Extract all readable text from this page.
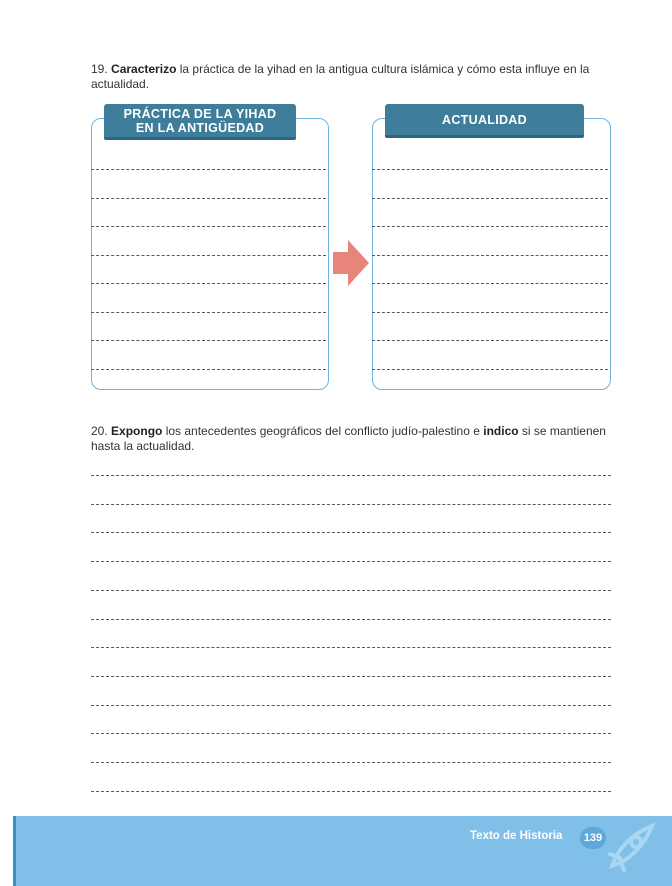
19. Caracterizo la práctica de la yihad en la antigua cultura islámica y cómo esta influye en la actualidad.
PRÁCTICA DE LA YIHAD
EN LA ANTIGÜEDAD
ACTUALIDAD
20. Expongo los antecedentes geográficos del conflicto judío-palestino e indico si se mantienen hasta la actualidad.
Texto de Historia	139
